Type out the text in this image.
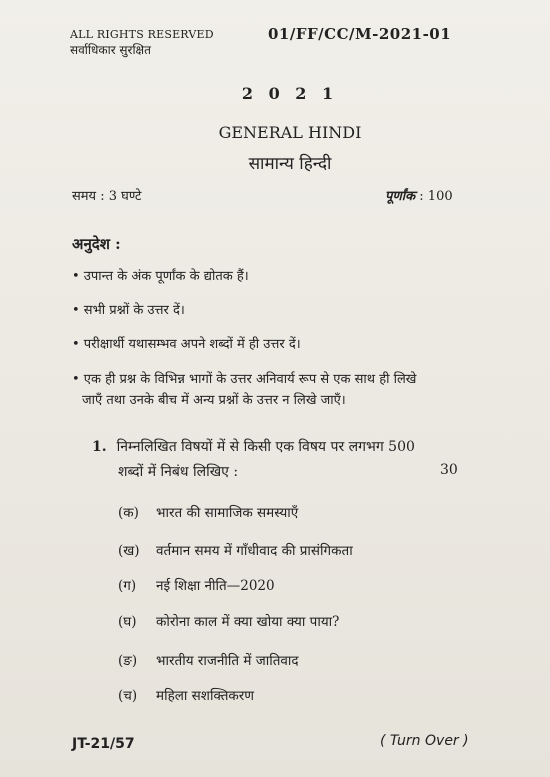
ALL RIGHTS RESERVED
सर्वाधिकार सुरक्षित
01/FF/CC/M-2021-01
2 0 2 1
GENERAL HINDI
सामान्य हिन्दी
समय : 3 घण्टे	पूर्णांक : 100
अनुदेश :
• उपान्त के अंक पूर्णांक के द्योतक हैं।
• सभी प्रश्नों के उत्तर दें।
• परीक्षार्थी यथासम्भव अपने शब्दों में ही उत्तर दें।
• एक ही प्रश्न के विभिन्न भागों के उत्तर अनिवार्य रूप से एक साथ ही लिखे
जाएँ तथा उनके बीच में अन्य प्रश्नों के उत्तर न लिखे जाएँ।
1. निम्नलिखित विषयों में से किसी एक विषय पर लगभग 500
शब्दों में निबंध लिखिए :	30
(क) भारत की सामाजिक समस्याएँ
(ख) वर्तमान समय में गाँधीवाद की प्रासंगिकता
(ग) नई शिक्षा नीति—2020
(घ) कोरोना काल में क्या खोया क्या पाया?
(ङ) भारतीय राजनीति में जातिवाद
(च) महिला सशक्तिकरण
JT-21/57	( Turn Over )
